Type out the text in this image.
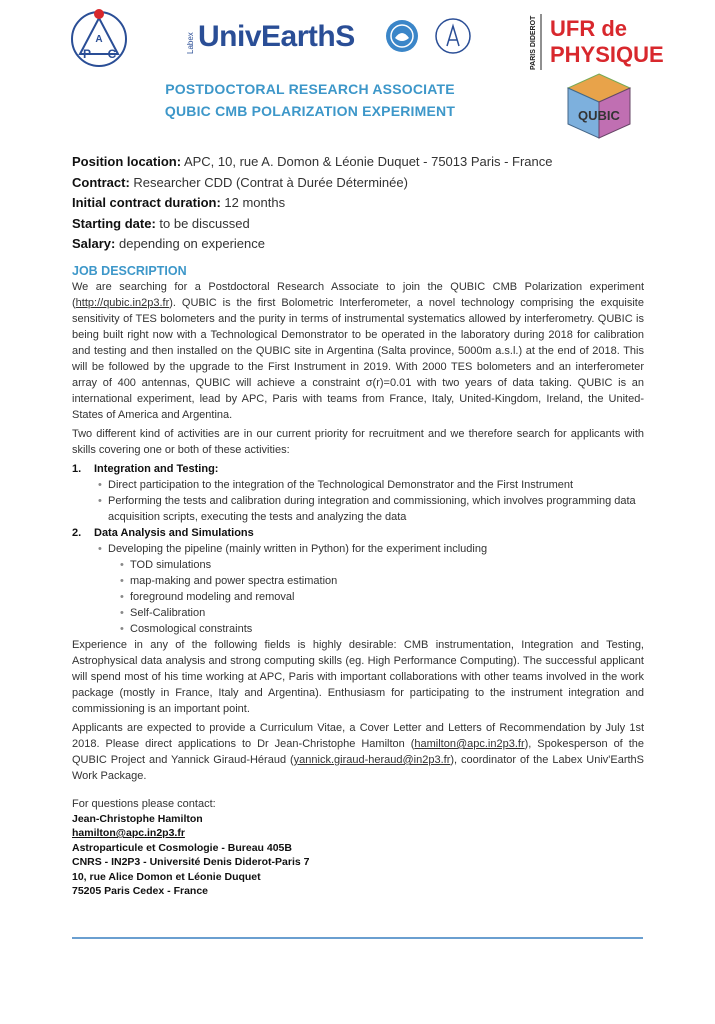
A
P C	Labex UnivEarthS	PARIS DIDEROT UFR de
PHYSIQUE
QUBIC
POSTDOCTORAL RESEARCH ASSOCIATE
QUBIC CMB POLARIZATION EXPERIMENT
Position location: APC, 10, rue A. Domon & Léonie Duquet - 75013 Paris - France
Contract: Researcher CDD (Contrat à Durée Déterminée)
Initial contract duration: 12 months
Starting date: to be discussed
Salary: depending on experience
JOB DESCRIPTION

We are searching for a Postdoctoral Research Associate to join the QUBIC CMB Polarization experiment (http://qubic.in2p3.fr). QUBIC is the first Bolometric Interferometer, a novel technology comprising the exquisite sensitivity of TES bolometers and the purity in terms of instrumental systematics allowed by interferometry. QUBIC is being built right now with a Technological Demonstrator to be operated in the laboratory during 2018 for calibration and testing and then installed on the QUBIC site in Argentina (Salta province, 5000m a.s.l.) at the end of 2018. This will be followed by the upgrade to the First Instrument in 2019. With 2000 TES bolometers and an interferometer array of 400 antennas, QUBIC will achieve a constraint σ(r)=0.01 with two years of data taking. QUBIC is an international experiment, lead by APC, Paris with teams from France, Italy, United-Kingdom, Ireland, the United-States of America and Argentina.

Two different kind of activities are in our current priority for recruitment and we therefore search for applicants with skills covering one or both of these activities:

1. Integration and Testing:
• Direct participation to the integration of the Technological Demonstrator and the First Instrument
• Performing the tests and calibration during integration and commissioning, which involves programming data acquisition scripts, executing the tests and analyzing the data
2. Data Analysis and Simulations
• Developing the pipeline (mainly written in Python) for the experiment including
• TOD simulations
• map-making and power spectra estimation
• foreground modeling and removal
• Self-Calibration
• Cosmological constraints

Experience in any of the following fields is highly desirable: CMB instrumentation, Integration and Testing, Astrophysical data analysis and strong computing skills (eg. High Performance Computing). The successful applicant will spend most of his time working at APC, Paris with important collaborations with other teams involved in the work package (mostly in France, Italy and Argentina). Enthusiasm for participating to the instrument integration and commissioning is an important point.

Applicants are expected to provide a Curriculum Vitae, a Cover Letter and Letters of Recommendation by July 1st 2018. Please direct applications to Dr Jean-Christophe Hamilton (hamilton@apc.in2p3.fr), Spokesperson of the QUBIC Project and Yannick Giraud-Héraud (yannick.giraud-heraud@in2p3.fr), coordinator of the Labex Univ'EarthS Work Package.

For questions please contact:
Jean-Christophe Hamilton
hamilton@apc.in2p3.fr
Astroparticule et Cosmologie - Bureau 405B
CNRS - IN2P3 - Université Denis Diderot-Paris 7
10, rue Alice Domon et Léonie Duquet
75205 Paris Cedex - France
